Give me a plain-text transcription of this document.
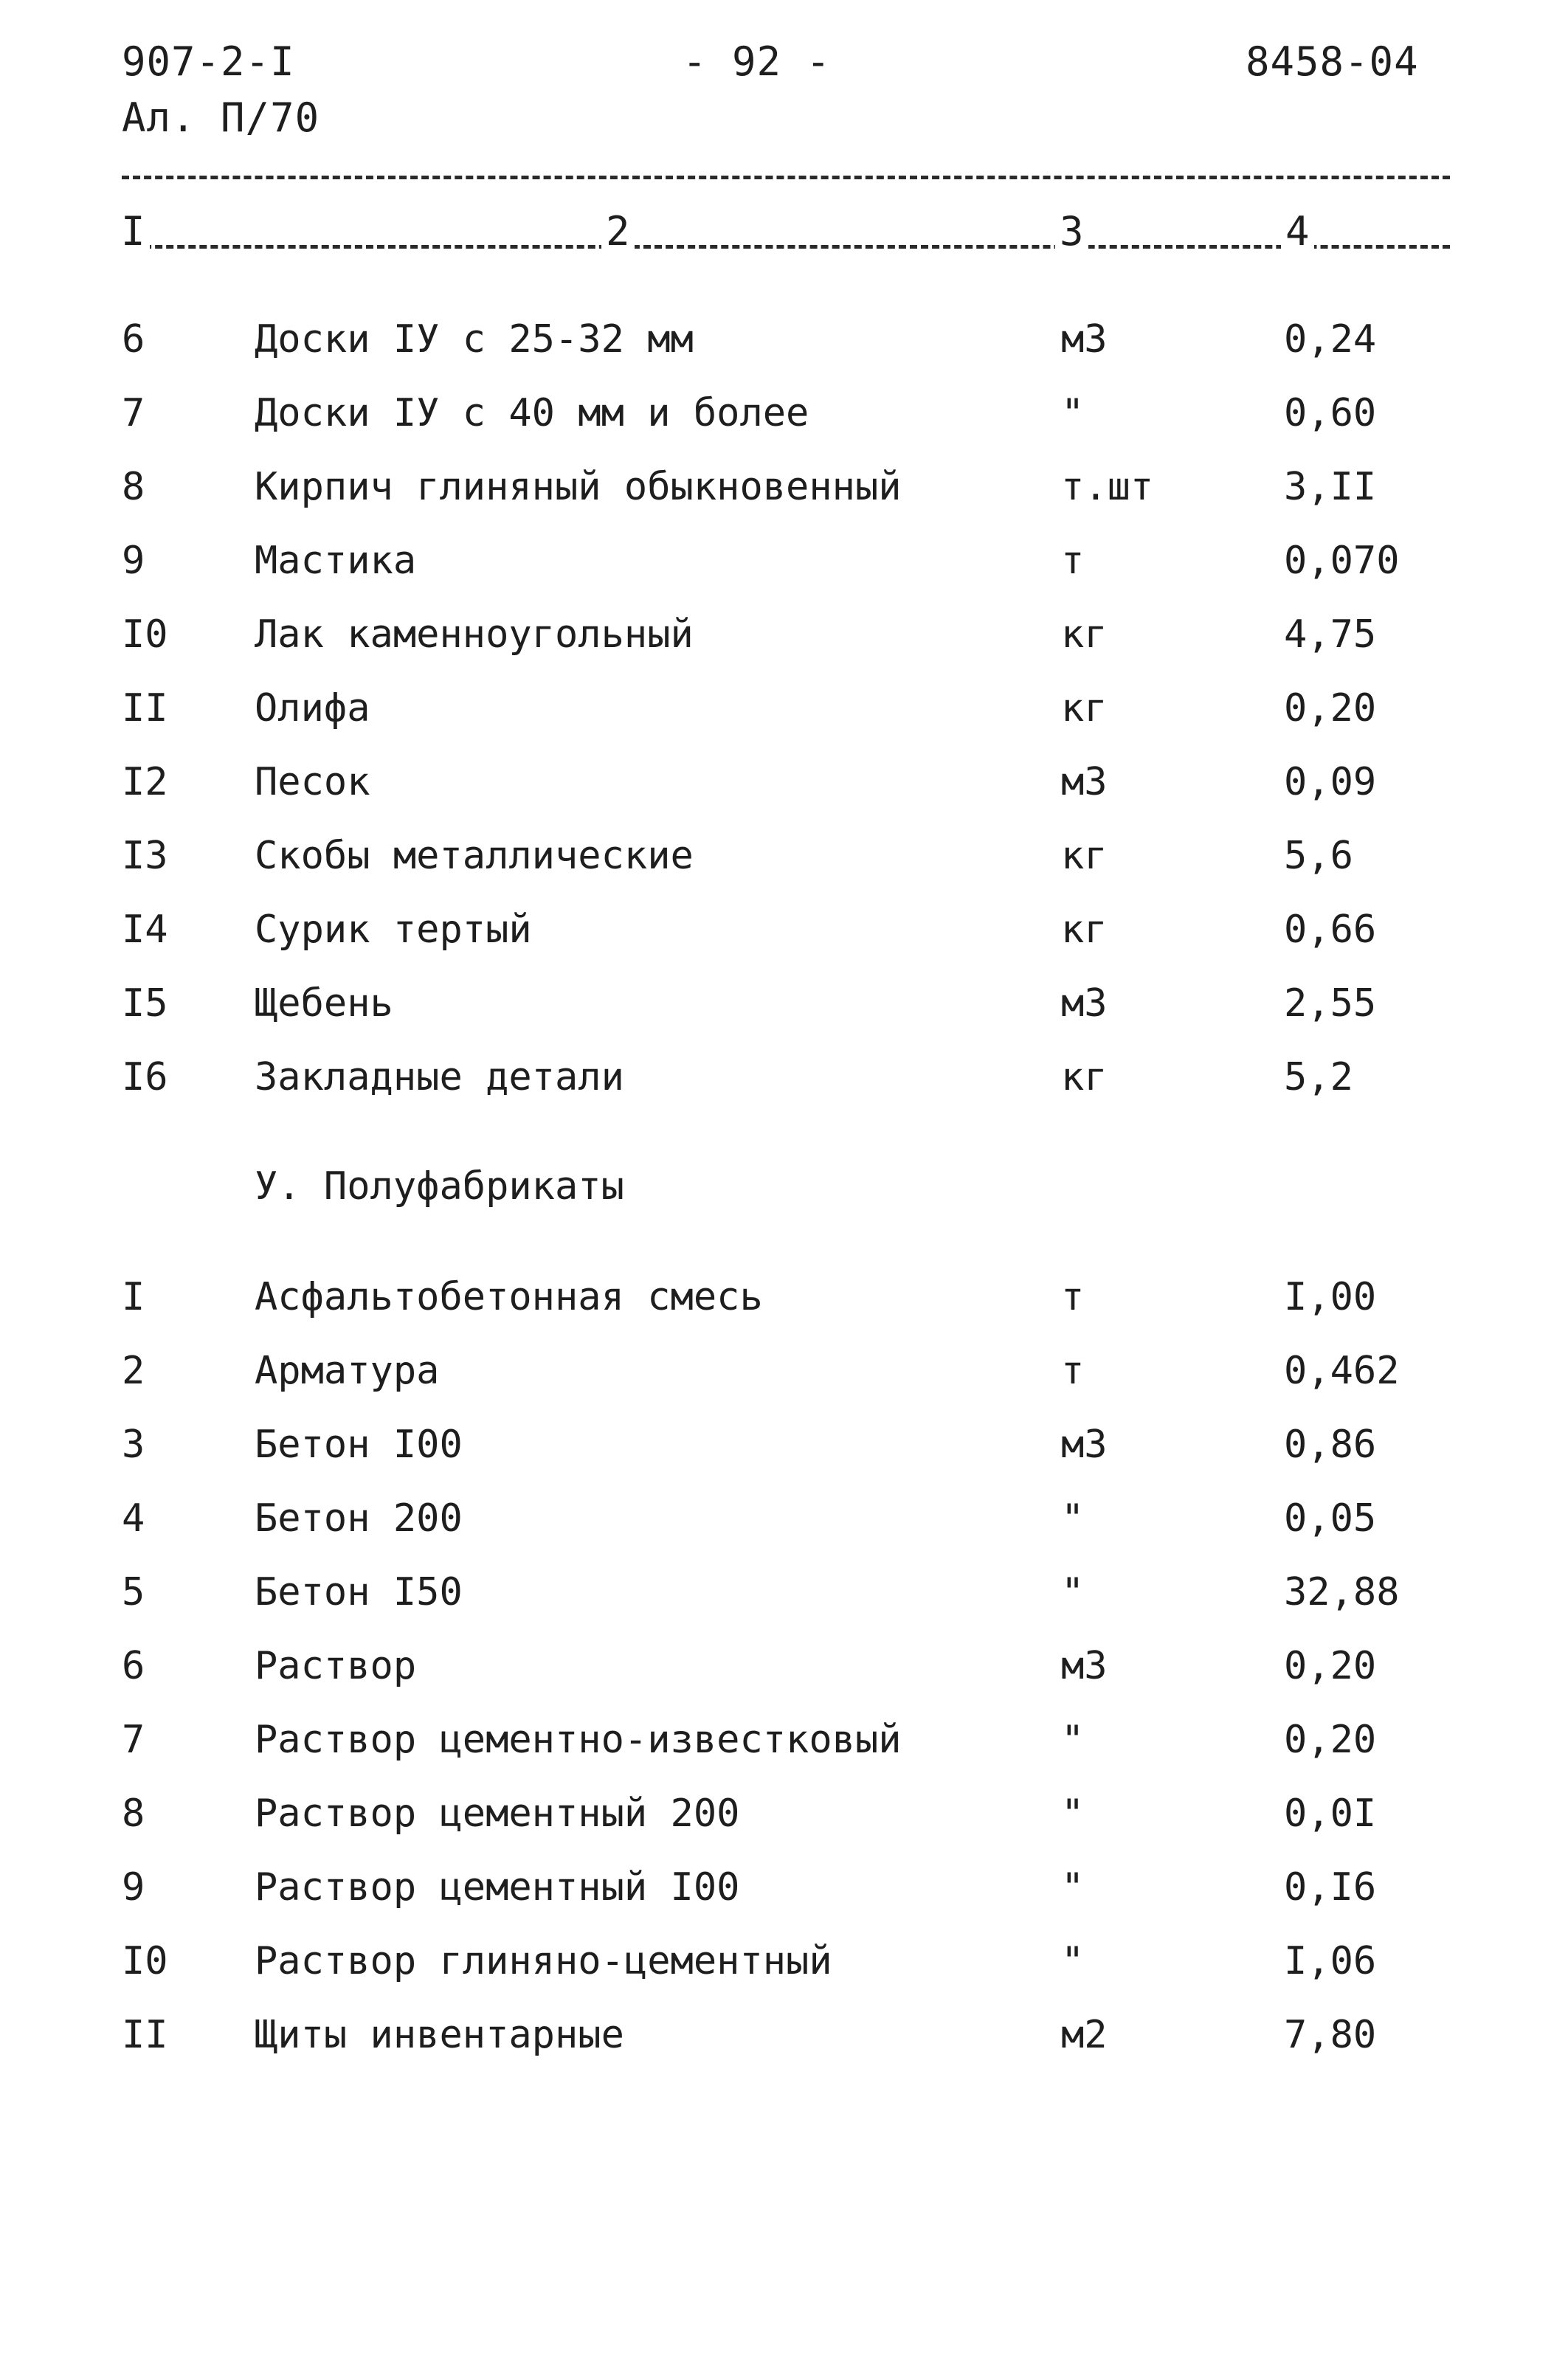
907-2-I
Ал. П/70
- 92 -	8458-04
I	2	3	4
6	Доски IУ с 25-32 мм	м3	0,24
7	Доски IУ с 40 мм и более	"	0,60
8	Кирпич глиняный обыкновенный	т.шт	3,II
9	Мастика	т	0,070
I0 Лак каменноугольный	кг	4,75
II Олифа	кг	0,20
I2 Песок	м3	0,09
I3 Скобы металлические	кг	5,6
I4 Сурик тертый	кг	0,66
I5 Щебень	м3	2,55
I6 Закладные детали	кг	5,2
У. Полуфабрикаты
I	Асфальтобетонная смесь	т	I,00
2	Арматура	т	0,462
3	Бетон I00	м3	0,86
4	Бетон 200	"	0,05
5	Бетон I50	"	32,88
6	Раствор	м3	0,20
7	Раствор цементно-известковый	"	0,20
8	Раствор цементный 200	"	0,0I
9	Раствор цементный I00	"	0,I6
I0 Раствор глиняно-цементный	"	I,06
II Щиты инвентарные	м2	7,80
